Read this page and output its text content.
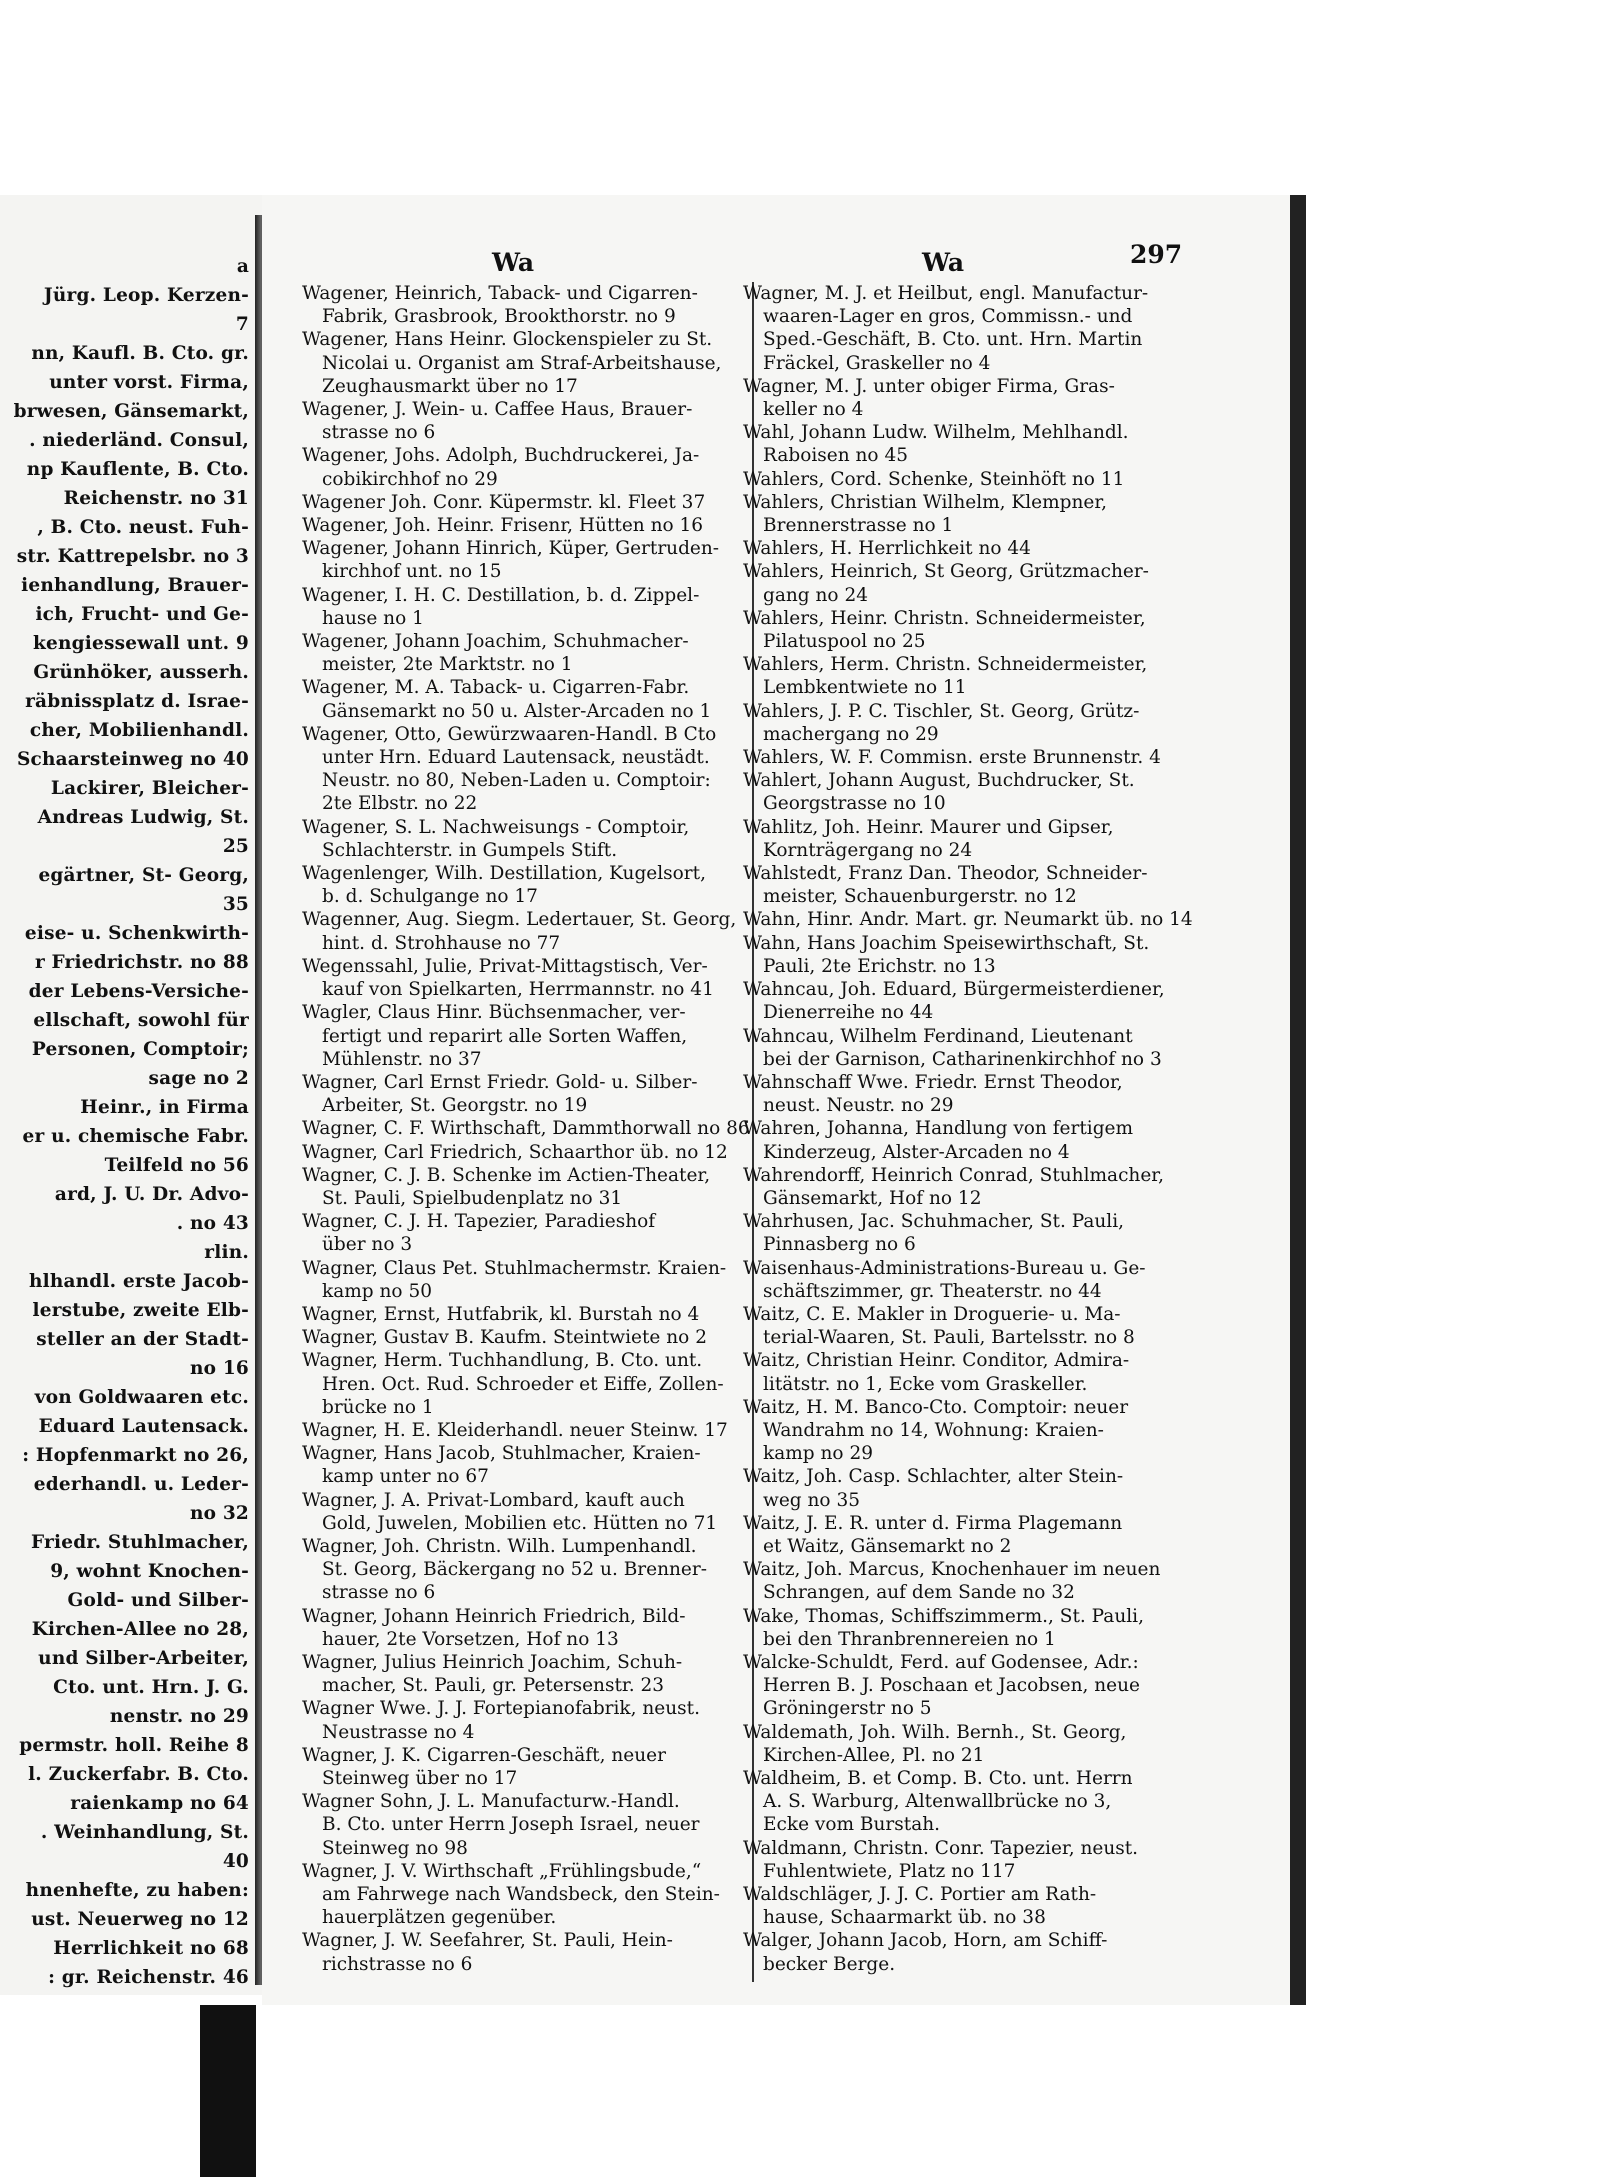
a
Jürg. Leop. Kerzen-
7
nn, Kaufl. B. Cto. gr.
unter vorst. Firma,
brwesen, Gänsemarkt,
. niederländ. Consul,
np Kauflente, B. Cto.
Reichenstr. no 31
, B. Cto. neust. Fuh-
str. Kattrepelsbr. no 3
ienhandlung, Brauer-
ich, Frucht- und Ge-
kengiessewall unt. 9
Grünhöker, ausserh.
räbnissplatz d. Israe-
cher, Mobilienhandl.
Schaarsteinweg no 40
Lackirer, Bleicher-
Andreas Ludwig, St.
25
egärtner, St- Georg,
35
eise- u. Schenkwirth-
r Friedrichstr. no 88
der Lebens-Versiche-
ellschaft, sowohl für
Personen, Comptoir;
sage no 2
Heinr., in Firma
er u. chemische Fabr.
Teilfeld no 56
ard, J. U. Dr. Advo-
. no 43
rlin.
hlhandl. erste Jacob-
lerstube, zweite Elb-
steller an der Stadt-
no 16
von Goldwaaren etc.
Eduard Lautensack.
: Hopfenmarkt no 26,
ederhandl. u. Leder-
no 32
Friedr. Stuhlmacher,
9, wohnt Knochen-
Gold- und Silber-
Kirchen-Allee no 28,
und Silber-Arbeiter,
Cto. unt. Hrn. J. G.
nenstr. no 29
permstr. holl. Reihe 8
l. Zuckerfabr. B. Cto.
raienkamp no 64
. Weinhandlung, St.
40
hnenhefte, zu haben:
ust. Neuerweg no 12
Herrlichkeit no 68
: gr. Reichenstr. 46
Wa	Wa	297
Wagener, Heinrich, Taback- und Cigarren-
Fabrik, Grasbrook, Brookthorstr. no 9
Wagener, Hans Heinr. Glockenspieler zu St.
Nicolai u. Organist am Straf-Arbeitshause,
Zeughausmarkt über no 17
Wagener, J. Wein- u. Caffee Haus, Brauer-
strasse no 6
Wagener, Johs. Adolph, Buchdruckerei, Ja-
cobikirchhof no 29
Wagener Joh. Conr. Küpermstr. kl. Fleet 37
Wagener, Joh. Heinr. Frisenr, Hütten no 16
Wagener, Johann Hinrich, Küper, Gertruden-
kirchhof unt. no 15
Wagener, I. H. C. Destillation, b. d. Zippel-
hause no 1
Wagener, Johann Joachim, Schuhmacher-
meister, 2te Marktstr. no 1
Wagener, M. A. Taback- u. Cigarren-Fabr.
Gänsemarkt no 50 u. Alster-Arcaden no 1
Wagener, Otto, Gewürzwaaren-Handl. B Cto
unter Hrn. Eduard Lautensack, neustädt.
Neustr. no 80, Neben-Laden u. Comptoir:
2te Elbstr. no 22
Wagener, S. L. Nachweisungs - Comptoir,
Schlachterstr. in Gumpels Stift.
Wagenlenger, Wilh. Destillation, Kugelsort,
b. d. Schulgange no 17
Wagenner, Aug. Siegm. Ledertauer, St. Georg,
hint. d. Strohhause no 77
Wegenssahl, Julie, Privat-Mittagstisch, Ver-
kauf von Spielkarten, Herrmannstr. no 41
Wagler, Claus Hinr. Büchsenmacher, ver-
fertigt und reparirt alle Sorten Waffen,
Mühlenstr. no 37
Wagner, Carl Ernst Friedr. Gold- u. Silber-
Arbeiter, St. Georgstr. no 19
Wagner, C. F. Wirthschaft, Dammthorwall no 86
Wagner, Carl Friedrich, Schaarthor üb. no 12
Wagner, C. J. B. Schenke im Actien-Theater,
St. Pauli, Spielbudenplatz no 31
Wagner, C. J. H. Tapezier, Paradieshof
über no 3
Wagner, Claus Pet. Stuhlmachermstr. Kraien-
kamp no 50
Wagner, Ernst, Hutfabrik, kl. Burstah no 4
Wagner, Gustav B. Kaufm. Steintwiete no 2
Wagner, Herm. Tuchhandlung, B. Cto. unt.
Hren. Oct. Rud. Schroeder et Eiffe, Zollen-
brücke no 1
Wagner, H. E. Kleiderhandl. neuer Steinw. 17
Wagner, Hans Jacob, Stuhlmacher, Kraien-
kamp unter no 67
Wagner, J. A. Privat-Lombard, kauft auch
Gold, Juwelen, Mobilien etc. Hütten no 71
Wagner, Joh. Christn. Wilh. Lumpenhandl.
St. Georg, Bäckergang no 52 u. Brenner-
strasse no 6
Wagner, Johann Heinrich Friedrich, Bild-
hauer, 2te Vorsetzen, Hof no 13
Wagner, Julius Heinrich Joachim, Schuh-
macher, St. Pauli, gr. Petersenstr. 23
Wagner Wwe. J. J. Fortepianofabrik, neust.
Neustrasse no 4
Wagner, J. K. Cigarren-Geschäft, neuer
Steinweg über no 17
Wagner Sohn, J. L. Manufacturw.-Handl.
B. Cto. unter Herrn Joseph Israel, neuer
Steinweg no 98
Wagner, J. V. Wirthschaft „Frühlingsbude,“
am Fahrwege nach Wandsbeck, den Stein-
hauerplätzen gegenüber.
Wagner, J. W. Seefahrer, St. Pauli, Hein-
richstrasse no 6
Wagner, M. J. et Heilbut, engl. Manufactur-
waaren-Lager en gros, Commissn.- und
Sped.-Geschäft, B. Cto. unt. Hrn. Martin
Fräckel, Graskeller no 4
Wagner, M. J. unter obiger Firma, Gras-
keller no 4
Wahl, Johann Ludw. Wilhelm, Mehlhandl.
Raboisen no 45
Wahlers, Cord. Schenke, Steinhöft no 11
Wahlers, Christian Wilhelm, Klempner,
Brennerstrasse no 1
Wahlers, H. Herrlichkeit no 44
Wahlers, Heinrich, St Georg, Grützmacher-
gang no 24
Wahlers, Heinr. Christn. Schneidermeister,
Pilatuspool no 25
Wahlers, Herm. Christn. Schneidermeister,
Lembkentwiete no 11
Wahlers, J. P. C. Tischler, St. Georg, Grütz-
machergang no 29
Wahlers, W. F. Commisn. erste Brunnenstr. 4
Wahlert, Johann August, Buchdrucker, St.
Georgstrasse no 10
Wahlitz, Joh. Heinr. Maurer und Gipser,
Kornträgergang no 24
Wahlstedt, Franz Dan. Theodor, Schneider-
meister, Schauenburgerstr. no 12
Wahn, Hinr. Andr. Mart. gr. Neumarkt üb. no 14
Wahn, Hans Joachim Speisewirthschaft, St.
Pauli, 2te Erichstr. no 13
Wahncau, Joh. Eduard, Bürgermeisterdiener,
Dienerreihe no 44
Wahncau, Wilhelm Ferdinand, Lieutenant
bei der Garnison, Catharinenkirchhof no 3
Wahnschaff Wwe. Friedr. Ernst Theodor,
neust. Neustr. no 29
Wahren, Johanna, Handlung von fertigem
Kinderzeug, Alster-Arcaden no 4
Wahrendorff, Heinrich Conrad, Stuhlmacher,
Gänsemarkt, Hof no 12
Wahrhusen, Jac. Schuhmacher, St. Pauli,
Pinnasberg no 6
Waisenhaus-Administrations-Bureau u. Ge-
schäftszimmer, gr. Theaterstr. no 44
Waitz, C. E. Makler in Droguerie- u. Ma-
terial-Waaren, St. Pauli, Bartelsstr. no 8
Waitz, Christian Heinr. Conditor, Admira-
litätstr. no 1, Ecke vom Graskeller.
Waitz, H. M. Banco-Cto. Comptoir: neuer
Wandrahm no 14, Wohnung: Kraien-
kamp no 29
Waitz, Joh. Casp. Schlachter, alter Stein-
weg no 35
Waitz, J. E. R. unter d. Firma Plagemann
et Waitz, Gänsemarkt no 2
Waitz, Joh. Marcus, Knochenhauer im neuen
Schrangen, auf dem Sande no 32
Wake, Thomas, Schiffszimmerm., St. Pauli,
bei den Thranbrennereien no 1
Walcke-Schuldt, Ferd. auf Godensee, Adr.:
Herren B. J. Poschaan et Jacobsen, neue
Gröningerstr no 5
Waldemath, Joh. Wilh. Bernh., St. Georg,
Kirchen-Allee, Pl. no 21
Waldheim, B. et Comp. B. Cto. unt. Herrn
A. S. Warburg, Altenwallbrücke no 3,
Ecke vom Burstah.
Waldmann, Christn. Conr. Tapezier, neust.
Fuhlentwiete, Platz no 117
Waldschläger, J. J. C. Portier am Rath-
hause, Schaarmarkt üb. no 38
Walger, Johann Jacob, Horn, am Schiff-
becker Berge.
